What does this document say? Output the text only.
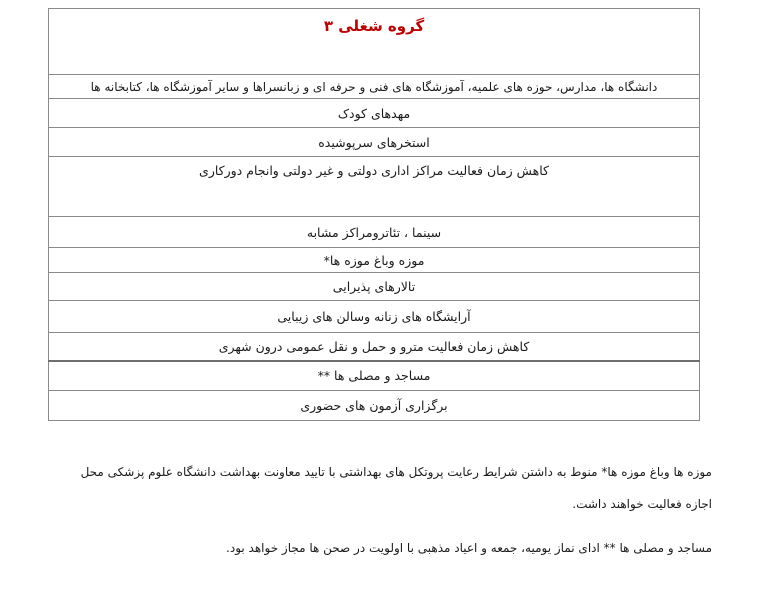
گروه شغلی ۳
دانشگاه ها، مدارس، حوزه های علمیه، آموزشگاه های فنی و حرفه ای و زبانسراها و سایر آموزشگاه ها، کتابخانه ها
مهدهای کودک
استخرهای سرپوشیده
کاهش زمان فعالیت مراکز اداری دولتی و غیر دولتی وانجام دورکاری
سینما ، تئاترومراکز مشابه
موزه وباغ موزه ها*
تالارهای پذیرایی
آرایشگاه های زنانه وسالن های زیبایی
کاهش زمان فعالیت مترو و حمل و نقل عمومی درون شهری
مساجد و مصلی ها **
برگزاری آزمون های حضوری
موزه ها وباغ موزه ها* منوط به داشتن شرایط رعایت پروتکل های بهداشتی با تایید معاونت بهداشت دانشگاه علوم پزشکی محل
اجازه فعالیت خواهند داشت.
مساجد و مصلی ها ** ادای نماز یومیه، جمعه و اعیاد مذهبی با اولویت در صحن ها مجاز خواهد بود.
